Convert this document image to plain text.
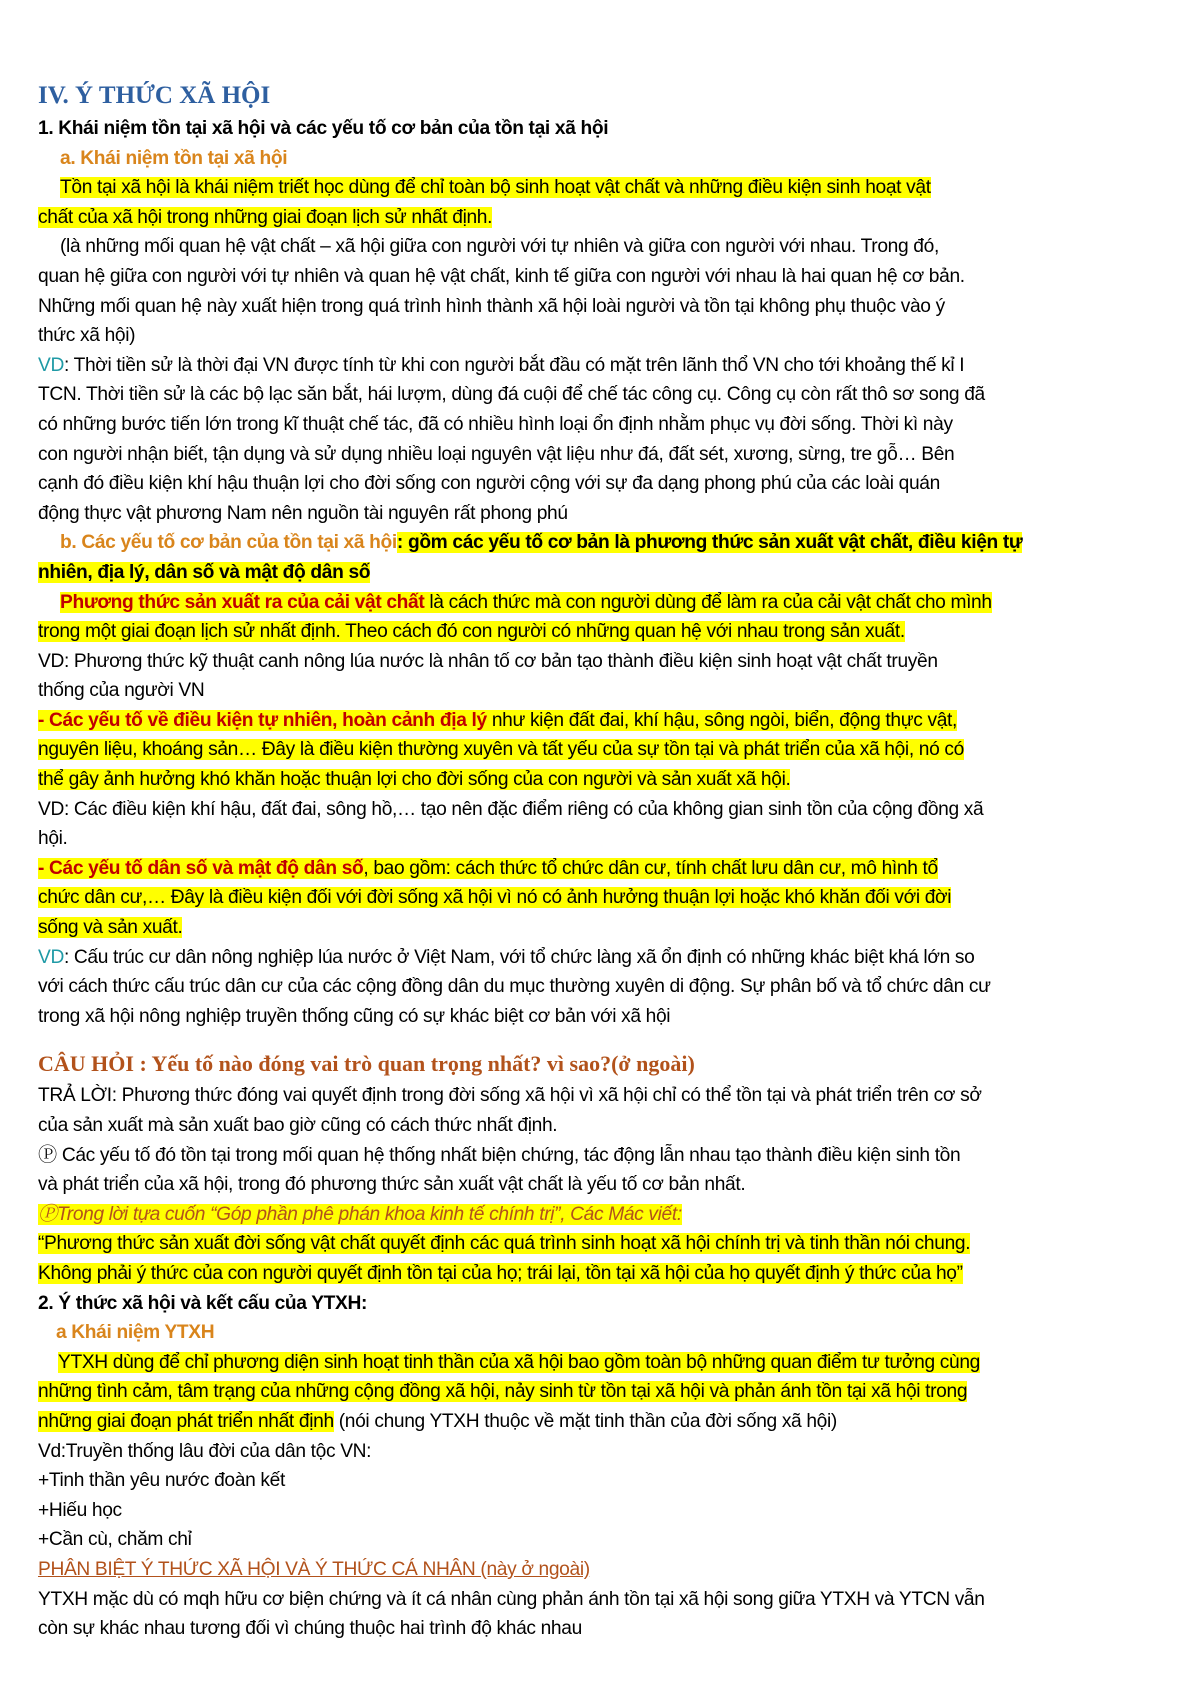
IV. Ý THỨC XÃ HỘI
1. Khái niệm tồn tại xã hội và các yếu tố cơ bản của tồn tại xã hội
a. Khái niệm tồn tại xã hội
Tồn tại xã hội là khái niệm triết học dùng để chỉ toàn bộ sinh hoạt vật chất và những điều kiện sinh hoạt vật
chất của xã hội trong những giai đoạn lịch sử nhất định.
(là những mối quan hệ vật chất – xã hội giữa con người với tự nhiên và giữa con người với nhau. Trong đó,
quan hệ giữa con người với tự nhiên và quan hệ vật chất, kinh tế giữa con người với nhau là hai quan hệ cơ bản.
Những mối quan hệ này xuất hiện trong quá trình hình thành xã hội loài người và tồn tại không phụ thuộc vào ý
thức xã hội)
VD: Thời tiền sử là thời đại VN được tính từ khi con người bắt đầu có mặt trên lãnh thổ VN cho tới khoảng thế kỉ I
TCN. Thời tiền sử là các bộ lạc săn bắt, hái lượm, dùng đá cuội để chế tác công cụ. Công cụ còn rất thô sơ song đã
có những bước tiến lớn trong kĩ thuật chế tác, đã có nhiều hình loại ổn định nhằm phục vụ đời sống. Thời kì này
con người nhận biết, tận dụng và sử dụng nhiều loại nguyên vật liệu như đá, đất sét, xương, sừng, tre gỗ… Bên
cạnh đó điều kiện khí hậu thuận lợi cho đời sống con người cộng với sự đa dạng phong phú của các loài quán
động thực vật phương Nam nên nguồn tài nguyên rất phong phú
b. Các yếu tố cơ bản của tồn tại xã hội: gồm các yếu tố cơ bản là phương thức sản xuất vật chất, điều kiện tự
nhiên, địa lý, dân số và mật độ dân số
Phương thức sản xuất ra của cải vật chất là cách thức mà con người dùng để làm ra của cải vật chất cho mình
trong một giai đoạn lịch sử nhất định. Theo cách đó con người có những quan hệ với nhau trong sản xuất.
VD: Phương thức kỹ thuật canh nông lúa nước là nhân tố cơ bản tạo thành điều kiện sinh hoạt vật chất truyền
thống của người VN
- Các yếu tố về điều kiện tự nhiên, hoàn cảnh địa lý như kiện đất đai, khí hậu, sông ngòi, biển, động thực vật,
nguyên liệu, khoáng sản… Đây là điều kiện thường xuyên và tất yếu của sự tồn tại và phát triển của xã hội, nó có
thể gây ảnh hưởng khó khăn hoặc thuận lợi cho đời sống của con người và sản xuất xã hội.
VD: Các điều kiện khí hậu, đất đai, sông hồ,… tạo nên đặc điểm riêng có của không gian sinh tồn của cộng đồng xã
hội.
- Các yếu tố dân số và mật độ dân số, bao gồm: cách thức tổ chức dân cư, tính chất lưu dân cư, mô hình tổ
chức dân cư,… Đây là điều kiện đối với đời sống xã hội vì nó có ảnh hưởng thuận lợi hoặc khó khăn đối với đời
sống và sản xuất.
VD: Cấu trúc cư dân nông nghiệp lúa nước ở Việt Nam, với tổ chức làng xã ổn định có những khác biệt khá lớn so
với cách thức cấu trúc dân cư của các cộng đồng dân du mục thường xuyên di động. Sự phân bố và tổ chức dân cư
trong xã hội nông nghiệp truyền thống cũng có sự khác biệt cơ bản với xã hội
CÂU HỎI : Yếu tố nào đóng vai trò quan trọng nhất? vì sao?(ở ngoài)
TRẢ LỜI: Phương thức đóng vai quyết định trong đời sống xã hội vì xã hội chỉ có thể tồn tại và phát triển trên cơ sở
của sản xuất mà sản xuất bao giờ cũng có cách thức nhất định.
Ⓟ Các yếu tố đó tồn tại trong mối quan hệ thống nhất biện chứng, tác động lẫn nhau tạo thành điều kiện sinh tồn
và phát triển của xã hội, trong đó phương thức sản xuất vật chất là yếu tố cơ bản nhất.
ⓅTrong lời tựa cuốn “Góp phần phê phán khoa kinh tế chính trị”, Các Mác viết:
“Phương thức sản xuất đời sống vật chất quyết định các quá trình sinh hoạt xã hội chính trị và tinh thần nói chung.
Không phải ý thức của con người quyết định tồn tại của họ; trái lại, tồn tại xã hội của họ quyết định ý thức của họ”
2. Ý thức xã hội và kết cấu của YTXH:
a Khái niệm YTXH
YTXH dùng để chỉ phương diện sinh hoạt tinh thần của xã hội bao gồm toàn bộ những quan điểm tư tưởng cùng
những tình cảm, tâm trạng của những cộng đồng xã hội, nảy sinh từ tồn tại xã hội và phản ánh tồn tại xã hội trong
những giai đoạn phát triển nhất định (nói chung YTXH thuộc về mặt tinh thần của đời sống xã hội)
Vd:Truyền thống lâu đời của dân tộc VN:
+Tinh thần yêu nước đoàn kết
+Hiếu học
+Cần cù, chăm chỉ
PHÂN BIỆT Ý THỨC XÃ HỘI VÀ Ý THỨC CÁ NHÂN (này ở ngoài)
YTXH mặc dù có mqh hữu cơ biện chứng và ít cá nhân cùng phản ánh tồn tại xã hội song giữa YTXH và YTCN vẫn
còn sự khác nhau tương đối vì chúng thuộc hai trình độ khác nhau
